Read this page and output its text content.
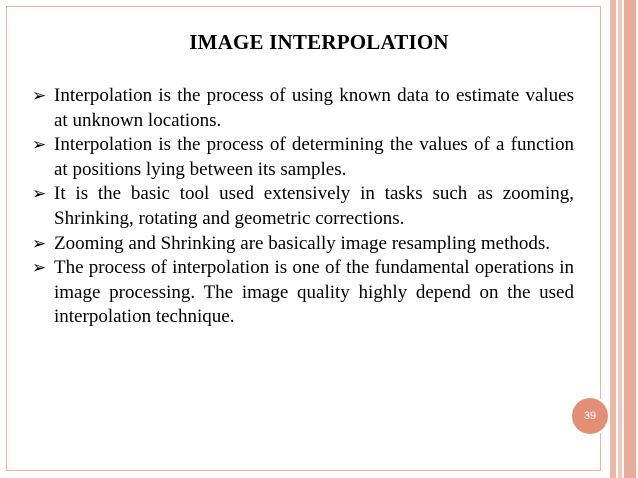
IMAGE INTERPOLATION
➢ Interpolation is the process of using known data to estimate values at unknown locations.
➢ Interpolation is the process of determining the values of a function at positions lying between its samples.
➢ It is the basic tool used extensively in tasks such as zooming, Shrinking, rotating and geometric corrections.
➢ Zooming and Shrinking are basically image resampling methods.
➢ The process of interpolation is one of the fundamental operations in image processing. The image quality highly depend on the used interpolation technique.
39
